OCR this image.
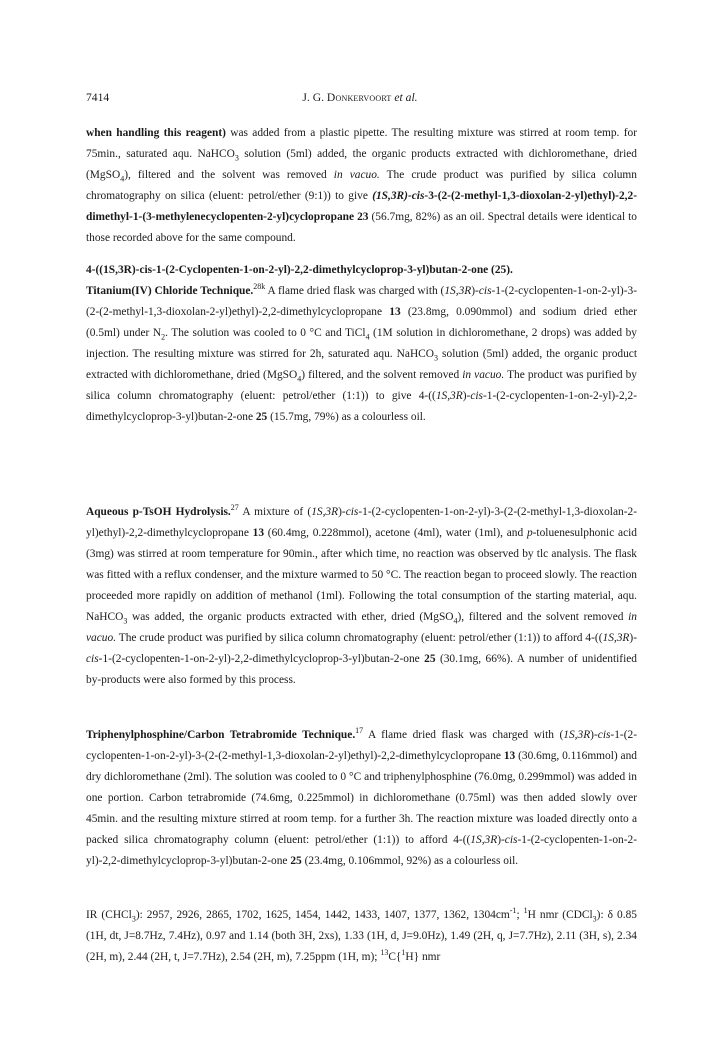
7414	J. G. Donkervoort et al.

when handling this reagent) was added from a plastic pipette. The resulting mixture was stirred at room temp. for 75min., saturated aqu. NaHCO$_3$ solution (5ml) added, the organic products extracted with dichloromethane, dried (MgSO$_4$), filtered and the solvent was removed in vacuo. The crude product was purified by silica column chromatography on silica (eluent: petrol/ether (9:1)) to give (1S,3R)-cis-3-(2-(2-methyl-1,3-dioxolan-2-yl)ethyl)-2,2-dimethyl-1-(3-methylenecyclopenten-2-yl)cyclopropane 23 (56.7mg, 82%) as an oil. Spectral details were identical to those recorded above for the same compound.

4-((1S,3R)-cis-1-(2-Cyclopenten-1-on-2-yl)-2,2-dimethylcycloprop-3-yl)butan-2-one (25).
Titanium(IV) Chloride Technique.$^{28k}$ A flame dried flask was charged with (1S,3R)-cis-1-(2-cyclopenten-1-on-2-yl)-3-(2-(2-methyl-1,3-dioxolan-2-yl)ethyl)-2,2-dimethylcyclopropane 13 (23.8mg, 0.090mmol) and sodium dried ether (0.5ml) under $N_2$. The solution was cooled to 0 °C and TiCl$_4$ (1M solution in dichloromethane, 2 drops) was added by injection. The resulting mixture was stirred for 2h, saturated aqu. NaHCO$_3$ solution (5ml) added, the organic product extracted with dichloromethane, dried (MgSO$_4$) filtered, and the solvent removed in vacuo. The product was purified by silica column chromatography (eluent: petrol/ether (1:1)) to give 4-((1S,3R)-cis-1-(2-cyclopenten-1-on-2-yl)-2,2-dimethylcycloprop-3-yl)butan-2-one 25 (15.7mg, 79%) as a colourless oil.

Aqueous p-TsOH Hydrolysis.$^{27}$ A mixture of (1S,3R)-cis-1-(2-cyclopenten-1-on-2-yl)-3-(2-(2-methyl-1,3-dioxolan-2-yl)ethyl)-2,2-dimethylcyclopropane 13 (60.4mg, 0.228mmol), acetone (4ml), water (1ml), and p-toluenesulphonic acid (3mg) was stirred at room temperature for 90min., after which time, no reaction was observed by tlc analysis. The flask was fitted with a reflux condenser, and the mixture warmed to 50 °C. The reaction began to proceed slowly. The reaction proceeded more rapidly on addition of methanol (1ml). Following the total consumption of the starting material, aqu. NaHCO$_3$ was added, the organic products extracted with ether, dried (MgSO$_4$), filtered and the solvent removed in vacuo. The crude product was purified by silica column chromatography (eluent: petrol/ether (1:1)) to afford 4-((1S,3R)-cis-1-(2-cyclopenten-1-on-2-yl)-2,2-dimethylcycloprop-3-yl)butan-2-one 25 (30.1mg, 66%). A number of unidentified by-products were also formed by this process.

Triphenylphosphine/Carbon Tetrabromide Technique.$^{17}$ A flame dried flask was charged with (1S,3R)-cis-1-(2-cyclopenten-1-on-2-yl)-3-(2-(2-methyl-1,3-dioxolan-2-yl)ethyl)-2,2-dimethylcyclopropane 13 (30.6mg, 0.116mmol) and dry dichloromethane (2ml). The solution was cooled to 0 °C and triphenylphosphine (76.0mg, 0.299mmol) was added in one portion. Carbon tetrabromide (74.6mg, 0.225mmol) in dichloromethane (0.75ml) was then added slowly over 45min. and the resulting mixture stirred at room temp. for a further 3h. The reaction mixture was loaded directly onto a packed silica chromatography column (eluent: petrol/ether (1:1)) to afford 4-((1S,3R)-cis-1-(2-cyclopenten-1-on-2-yl)-2,2-dimethylcycloprop-3-yl)butan-2-one 25 (23.4mg, 0.106mmol, 92%) as a colourless oil.

IR (CHCl$_3$): 2957, 2926, 2865, 1702, 1625, 1454, 1442, 1433, 1407, 1377, 1362, $1304cm^{-1}$; $^1$H nmr (CDCl$_3$): δ 0.85 (1H, dt, J=8.7Hz, 7.4Hz), 0.97 and 1.14 (both 3H, 2xs), 1.33 (1H, d, J=9.0Hz), 1.49 (2H, q, J=7.7Hz), 2.11 (3H, s), 2.34 (2H, m), 2.44 (2H, t, J=7.7Hz), 2.54 (2H, m), 7.25ppm (1H, m); $^{13}$C{$^1$H} nmr
